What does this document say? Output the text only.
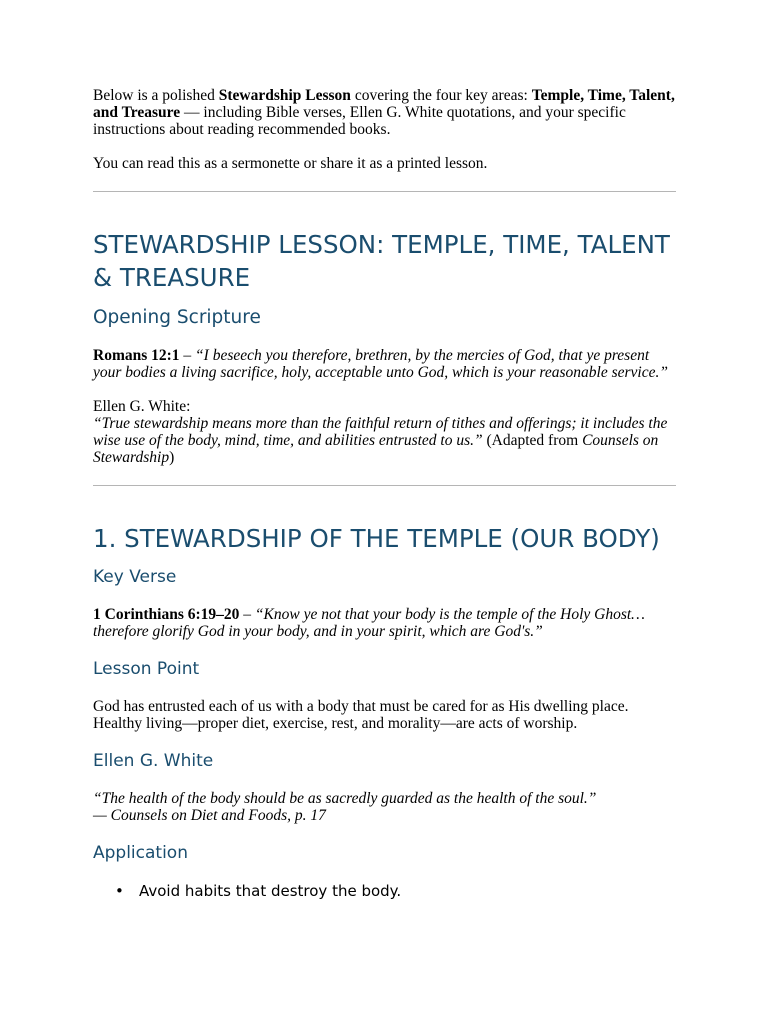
Below is a polished Stewardship Lesson covering the four key areas: Temple, Time, Talent, and Treasure — including Bible verses, Ellen G. White quotations, and your specific instructions about reading recommended books.

You can read this as a sermonette or share it as a printed lesson.

STEWARDSHIP LESSON: TEMPLE, TIME, TALENT & TREASURE
Opening Scripture

Romans 12:1 – “I beseech you therefore, brethren, by the mercies of God, that ye present your bodies a living sacrifice, holy, acceptable unto God, which is your reasonable service.”

Ellen G. White:

“True stewardship means more than the faithful return of tithes and offerings; it includes the wise use of the body, mind, time, and abilities entrusted to us.” (Adapted from Counsels on Stewardship)

1. STEWARDSHIP OF THE TEMPLE (OUR BODY)
Key Verse

1 Corinthians 6:19–20 – “Know ye not that your body is the temple of the Holy Ghost… therefore glorify God in your body, and in your spirit, which are God's.”

Lesson Point

God has entrusted each of us with a body that must be cared for as His dwelling place. Healthy living—proper diet, exercise, rest, and morality—are acts of worship.

Ellen G. White

“The health of the body should be as sacredly guarded as the health of the soul.”
— Counsels on Diet and Foods, p. 17

Application
• Avoid habits that destroy the body.
